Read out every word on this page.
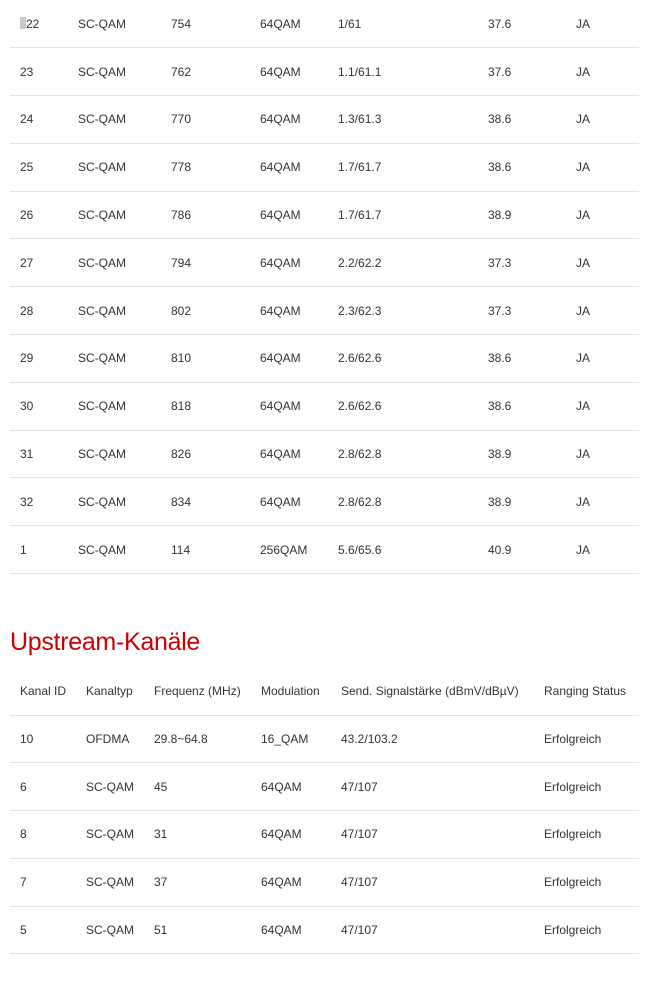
22	SC-QAM	754	64QAM	1/61	37.6	JA
23	SC-QAM	762	64QAM	1.1/61.1	37.6	JA
24	SC-QAM	770	64QAM	1.3/61.3	38.6	JA
25	SC-QAM	778	64QAM	1.7/61.7	38.6	JA
26	SC-QAM	786	64QAM	1.7/61.7	38.9	JA
27	SC-QAM	794	64QAM	2.2/62.2	37.3	JA
28	SC-QAM	802	64QAM	2.3/62.3	37.3	JA
29	SC-QAM	810	64QAM	2.6/62.6	38.6	JA
30	SC-QAM	818	64QAM	2.6/62.6	38.6	JA
31	SC-QAM	826	64QAM	2.8/62.8	38.9	JA
32	SC-QAM	834	64QAM	2.8/62.8	38.9	JA
1	SC-QAM	114	256QAM	5.6/65.6	40.9	JA
Upstream-Kanäle
Kanal ID	Kanaltyp	Frequenz (MHz)	Modulation	Send. Signalstärke (dBmV/dBµV)	Ranging Status
10	OFDMA	29.8~64.8	16_QAM	43.2/103.2	Erfolgreich
6	SC-QAM	45	64QAM	47/107	Erfolgreich
8	SC-QAM	31	64QAM	47/107	Erfolgreich
7	SC-QAM	37	64QAM	47/107	Erfolgreich
5	SC-QAM	51	64QAM	47/107	Erfolgreich
